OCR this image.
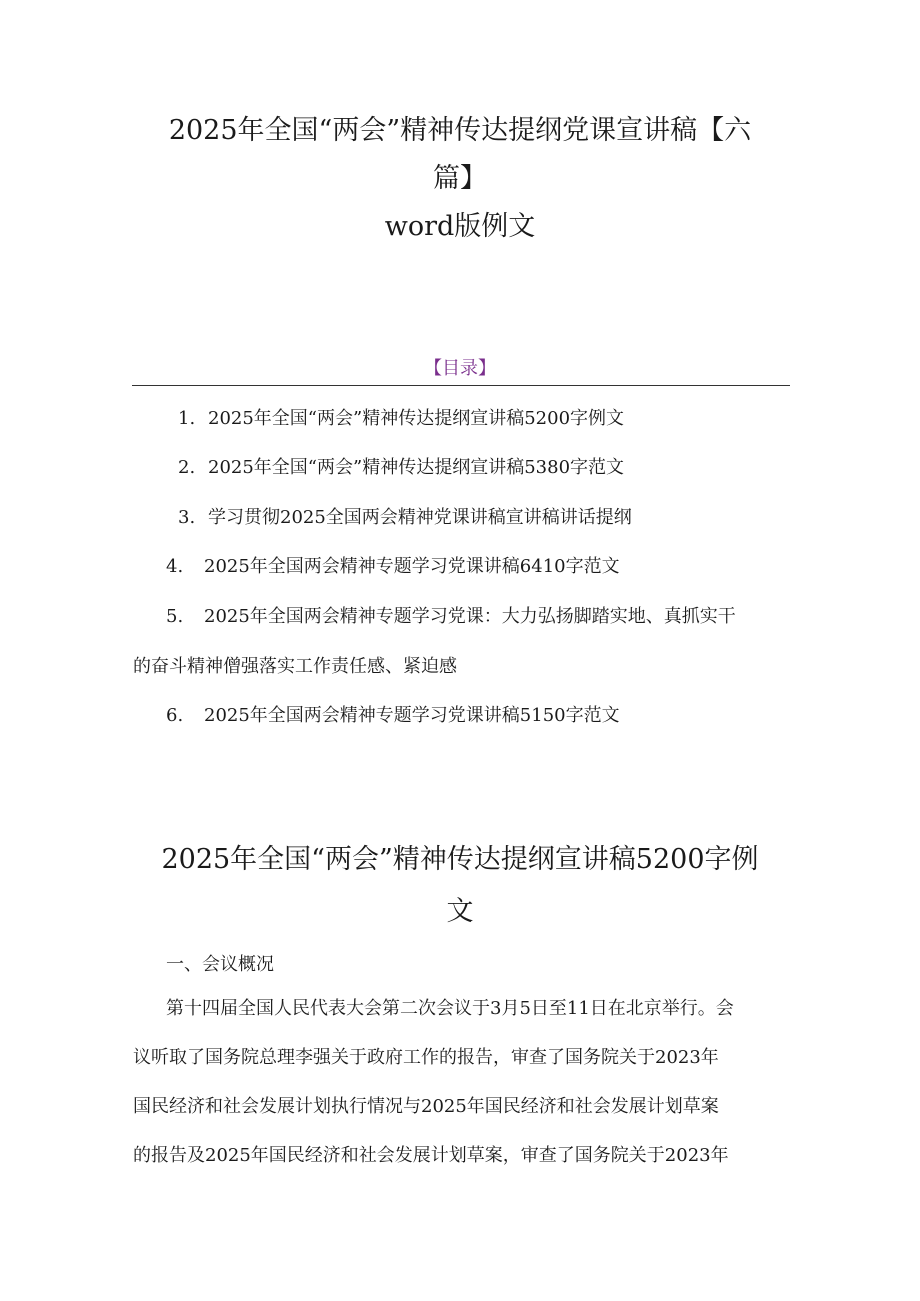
2025年全国“两会”精神传达提纲党课宣讲稿【六
篇】
word版例文
【目录】
1. 2025年全国“两会”精神传达提纲宣讲稿5200字例文
2. 2025年全国“两会”精神传达提纲宣讲稿5380字范文
3. 学习贯彻2025全国两会精神党课讲稿宣讲稿讲话提纲
4. 2025年全国两会精神专题学习党课讲稿6410字范文
5. 2025年全国两会精神专题学习党课：大力弘扬脚踏实地、真抓实干
的奋斗精神僧强落实工作责任感、紧迫感
6. 2025年全国两会精神专题学习党课讲稿5150字范文
2025年全国“两会”精神传达提纲宣讲稿5200字例
文
一、会议概况
第十四届全国人民代表大会第二次会议于3月5日至11日在北京举行。会
议听取了国务院总理李强关于政府工作的报告，审查了国务院关于2023年
国民经济和社会发展计划执行情况与2025年国民经济和社会发展计划草案
的报告及2025年国民经济和社会发展计划草案，审查了国务院关于2023年
